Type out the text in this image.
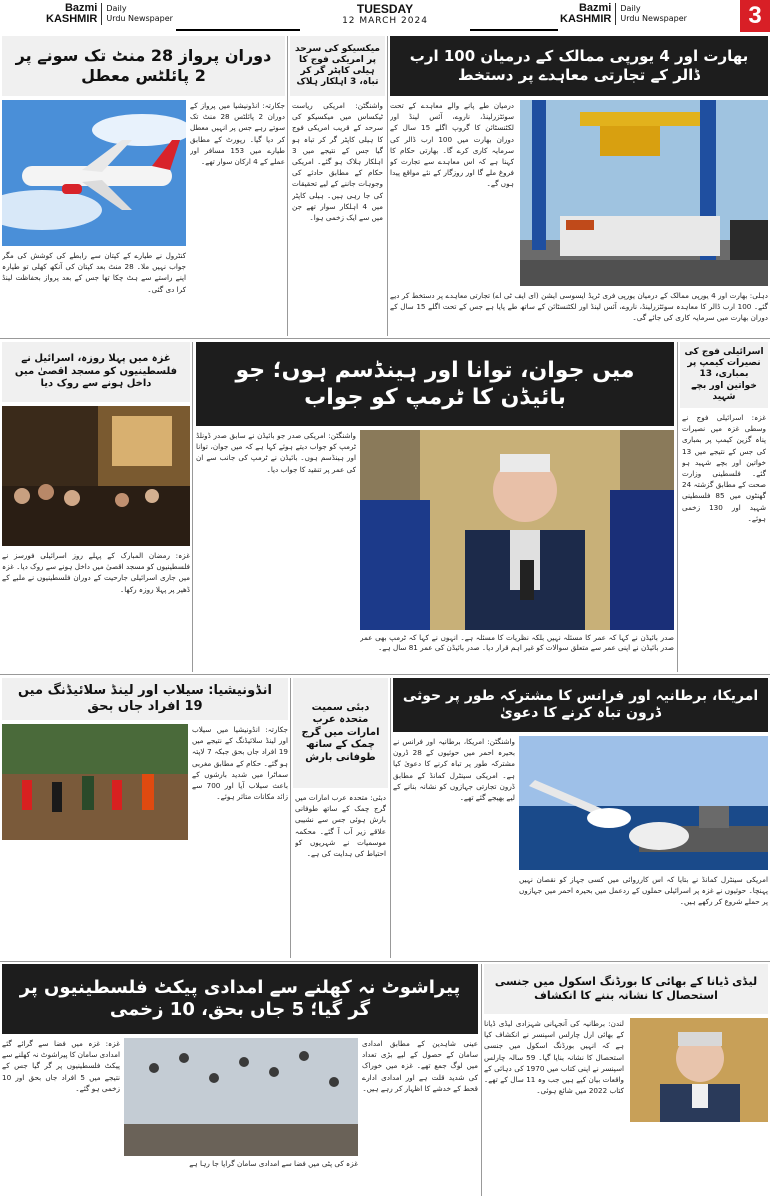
Bazmi
KASHMIR
Daily
Urdu Newspaper
TUESDAY
12 MARCH 2024
Bazmi
KASHMIR
Daily
Urdu Newspaper	3
بھارت اور 4 یورپی ممالک کے درمیان 100 ارب ڈالر کے تجارتی معاہدے پر دستخط
درمیان طے پانے والے معاہدے کے تحت سوئٹزرلینڈ، ناروے، آئس لینڈ اور لکٹنسٹائن کا گروپ اگلے 15 سال کے دوران بھارت میں 100 ارب ڈالر کی سرمایہ کاری کرے گا۔ بھارتی حکام کا کہنا ہے کہ اس معاہدے سے تجارت کو فروغ ملے گا اور روزگار کے نئے مواقع پیدا ہوں گے۔
دہلی: بھارت اور 4 یورپی ممالک کے درمیان یورپی فری ٹریڈ ایسوسی ایشن (ای ایف ٹی اے) تجارتی معاہدے پر دستخط کر دیے گئے۔ 100 ارب ڈالر کا معاہدہ سوئٹزرلینڈ، ناروے، آئس لینڈ اور لکٹنسٹائن کے ساتھ طے پایا ہے جس کے تحت اگلے 15 سال کے دوران بھارت میں سرمایہ کاری کی جائے گی۔
میکسیکو کی سرحد پر امریکی فوج کا ہیلی کاپٹر گر کر تباہ، 3 اہلکار ہلاک
واشنگٹن: امریکی ریاست ٹیکساس میں میکسیکو کی سرحد کے قریب امریکی فوج کا ہیلی کاپٹر گر کر تباہ ہو گیا جس کے نتیجے میں 3 اہلکار ہلاک ہو گئے۔ امریکی حکام کے مطابق حادثے کی وجوہات جاننے کے لیے تحقیقات کی جا رہی ہیں۔ ہیلی کاپٹر میں 4 اہلکار سوار تھے جن میں سے ایک زخمی ہوا۔
دوران پرواز 28 منٹ تک سونے پر 2 پائلٹس معطل
جکارتہ: انڈونیشیا میں پرواز کے دوران 2 پائلٹس 28 منٹ تک سوتے رہے جس پر انہیں معطل کر دیا گیا۔ رپورٹ کے مطابق طیارے میں 153 مسافر اور عملے کے 4 ارکان سوار تھے۔
کنٹرول نے طیارے کے کپتان سے رابطے کی کوشش کی مگر جواب نہیں ملا۔ 28 منٹ بعد کپتان کی آنکھ کھلی تو طیارہ اپنے راستے سے ہٹ چکا تھا جس کے بعد پرواز بحفاظت لینڈ کرا دی گئی۔
غزہ میں پہلا روزہ، اسرائیل نے فلسطینیوں کو مسجد اقصیٰ میں داخل ہونے سے روک دیا
غزہ: رمضان المبارک کے پہلے روز اسرائیلی فورسز نے فلسطینیوں کو مسجد اقصیٰ میں داخل ہونے سے روک دیا۔ غزہ میں جاری اسرائیلی جارحیت کے دوران فلسطینیوں نے ملبے کے ڈھیر پر پہلا روزہ رکھا۔
میں جوان، توانا اور ہینڈسم ہوں؛ جو بائیڈن کا ٹرمپ کو جواب
واشنگٹن: امریکی صدر جو بائیڈن نے سابق صدر ڈونلڈ ٹرمپ کو جواب دیتے ہوئے کہا ہے کہ میں جوان، توانا اور ہینڈسم ہوں۔ بائیڈن نے ٹرمپ کی جانب سے ان کی عمر پر تنقید کا جواب دیا۔
صدر بائیڈن نے اپنی عمر سے متعلق سوالات کو غیر اہم قرار دیا۔ صدر بائیڈن کی عمر 81 سال ہے۔
صدر بائیڈن نے کہا کہ عمر کا مسئلہ نہیں بلکہ نظریات کا مسئلہ ہے۔ انہوں نے کہا کہ ٹرمپ بھی عمر
اسرائیلی فوج کی نصیرات کیمپ پر بمباری، 13 خواتین اور بچے شہید
غزہ: اسرائیلی فوج نے وسطی غزہ میں نصیرات پناہ گزین کیمپ پر بمباری کی جس کے نتیجے میں 13 خواتین اور بچے شہید ہو گئے۔ فلسطینی وزارت صحت کے مطابق گزشتہ 24 گھنٹوں میں 85 فلسطینی شہید اور 130 زخمی ہوئے۔
انڈونیشیا: سیلاب اور لینڈ سلائیڈنگ میں 19 افراد جاں بحق
جکارتہ: انڈونیشیا میں سیلاب اور لینڈ سلائیڈنگ کے نتیجے میں 19 افراد جاں بحق جبکہ 7 لاپتہ ہو گئے۔ حکام کے مطابق مغربی سماٹرا میں شدید بارشوں کے باعث سیلاب آیا اور 700 سے زائد مکانات متاثر ہوئے۔
دبئی سمیت متحدہ عرب امارات میں گرج چمک کے ساتھ طوفانی بارش
دبئی: متحدہ عرب امارات میں گرج چمک کے ساتھ طوفانی بارش ہوئی جس سے نشیبی علاقے زیر آب آ گئے۔ محکمہ موسمیات نے شہریوں کو احتیاط کی ہدایت کی ہے۔
امریکا، برطانیہ اور فرانس کا مشترکہ طور پر حوثی ڈرون تباہ کرنے کا دعویٰ
واشنگٹن: امریکا، برطانیہ اور فرانس نے بحیرہ احمر میں حوثیوں کے 28 ڈرون مشترکہ طور پر تباہ کرنے کا دعویٰ کیا ہے۔ امریکی سینٹرل کمانڈ کے مطابق ڈرون تجارتی جہازوں کو نشانہ بنانے کے لیے بھیجے گئے تھے۔
امریکی سینٹرل کمانڈ نے بتایا کہ اس کارروائی میں کسی جہاز کو نقصان نہیں پہنچا۔ حوثیوں نے غزہ پر اسرائیلی حملوں کے ردعمل میں بحیرہ احمر میں جہازوں پر حملے شروع کر رکھے ہیں۔
پیراشوٹ نہ کھلنے سے امدادی پیکٹ فلسطینیوں پر گر گیا؛ 5 جاں بحق، 10 زخمی
غزہ: غزہ میں فضا سے گرائے گئے امدادی سامان کا پیراشوٹ نہ کھلنے سے پیکٹ فلسطینیوں پر گر گیا جس کے نتیجے میں 5 افراد جاں بحق اور 10 زخمی ہو گئے۔
غزہ کی پٹی میں فضا سے امدادی سامان گرایا جا رہا ہے
عینی شاہدین کے مطابق امدادی سامان کے حصول کے لیے بڑی تعداد میں لوگ جمع تھے۔ غزہ میں خوراک کی شدید قلت ہے اور امدادی ادارے قحط کے خدشے کا اظہار کر رہے ہیں۔
لیڈی ڈیانا کے بھائی کا بورڈنگ اسکول میں جنسی استحصال کا نشانہ بننے کا انکشاف
لندن: برطانیہ کی آنجہانی شہزادی لیڈی ڈیانا کے بھائی ارل چارلس اسپنسر نے انکشاف کیا ہے کہ انہیں بورڈنگ اسکول میں جنسی استحصال کا نشانہ بنایا گیا۔ 59 سالہ چارلس اسپنسر نے اپنی کتاب میں 1970 کی دہائی کے واقعات بیان کیے ہیں جب وہ 11 سال کے تھے۔ کتاب 2022 میں شائع ہوئی۔
